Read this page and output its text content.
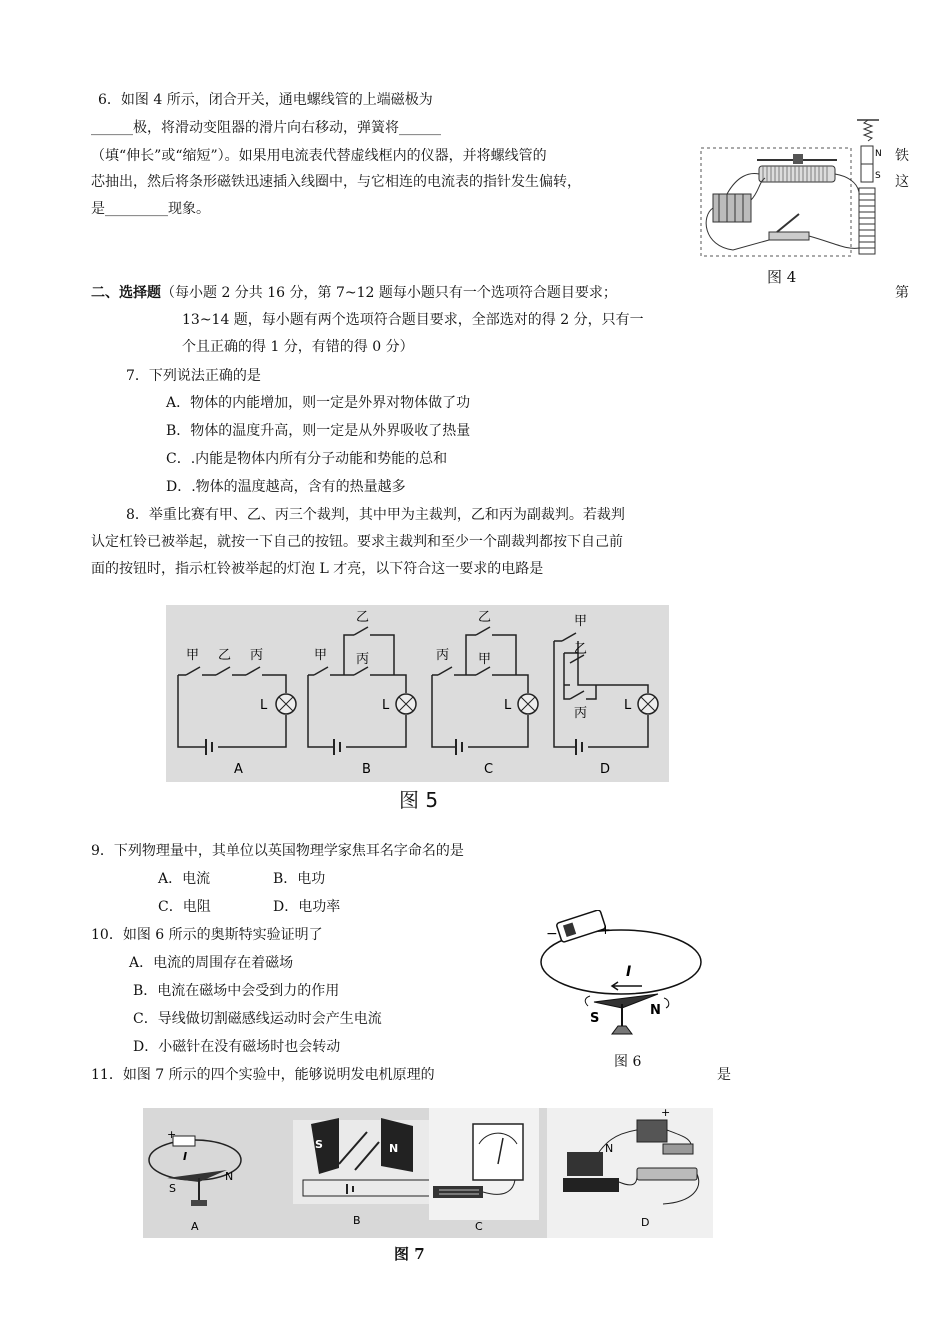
6．如图 4 所示，闭合开关，通电螺线管的上端磁极为
______极，将滑动变阻器的滑片向右移动，弹簧将______
（填“伸长”或“缩短”）。如果用电流表代替虚线框内的仪器，并将螺线管的	铁
芯抽出，然后将条形磁铁迅速插入线圈中，与它相连的电流表的指针发生偏转，	这
是_________现象。
N
S
图 4
二、选择题（每小题 2 分共 16 分，第 7~12 题每小题只有一个选项符合题目要求；	第
13~14 题，每小题有两个选项符合题目要求，全部选对的得 2 分，只有一
个且正确的得 1 分，有错的得 0 分）
7．下列说法正确的是
A．物体的内能增加，则一定是外界对物体做了功
B．物体的温度升高，则一定是从外界吸收了热量
C．.内能是物体内所有分子动能和势能的总和
D．.物体的温度越高，含有的热量越多
8．举重比赛有甲、乙、丙三个裁判，其中甲为主裁判，乙和丙为副裁判。若裁判
认定杠铃已被举起，就按一下自己的按钮。要求主裁判和至少一个副裁判都按下自己前
面的按钮时，指示杠铃被举起的灯泡 L 才亮，以下符合这一要求的电路是
甲 乙 丙
L
A
甲
乙
丙
L
B
丙
乙
甲
L
C
甲
乙
丙
L
D
图 5
9．下列物理量中，其单位以英国物理学家焦耳名字命名的是
A．电流	B．电功
C．电阻	D．电功率
10．如图 6 所示的奥斯特实验证明了
A．电流的周围存在着磁场
B．电流在磁场中会受到力的作用
C．导线做切割磁感线运动时会产生电流
D．小磁针在没有磁场时也会转动
−	+
I
S
N
图 6
11．如图 7 所示的四个实验中，能够说明发电机原理的	是
+
I
S
N
A
S	N
B	C
+
N
D
图 7
